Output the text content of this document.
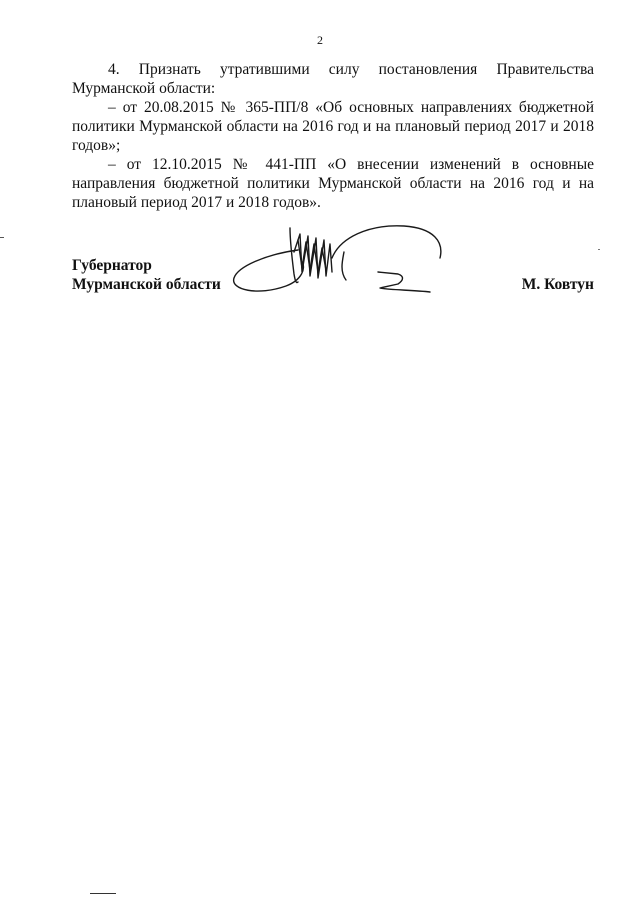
2

4. Признать утратившими силу постановления Правительства Мурманской области:

– от 20.08.2015 № 365-ПП/8 «Об основных направлениях бюджетной политики Мурманской области на 2016 год и на плановый период 2017 и 2018 годов»;

– от 12.10.2015 № 441-ПП «О внесении изменений в основные направления бюджетной политики Мурманской области на 2016 год и на плановый период 2017 и 2018 годов».

Губернатор
Мурманской области	М. Ковтун
